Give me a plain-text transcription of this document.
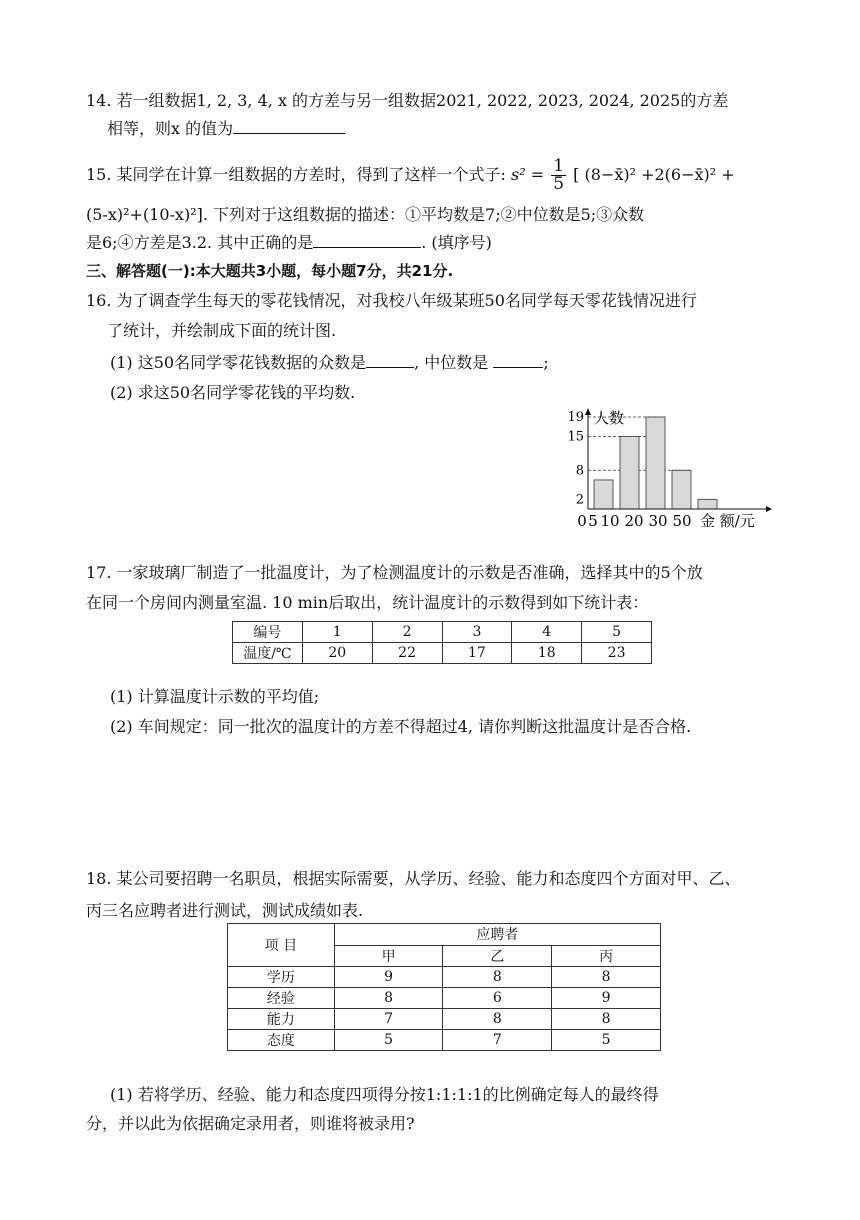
14. 若一组数据1, 2, 3, 4, x 的方差与另一组数据2021, 2022, 2023, 2024, 2025的方差
相等，则x 的值为
15. 某同学在计算一组数据的方差时，得到了这样一个式子: $s^2 = \frac{1}{5}$ [ (8−x̄)² +2(6−x̄)² +
(5-x)²+(10-x)²]. 下列对于这组数据的描述：①平均数是7;②中位数是5;③众数
是6;④方差是3.2. 其中正确的是	. (填序号)
三、解答题(一):本大题共3小题，每小题7分，共21分.
16. 为了调查学生每天的零花钱情况，对我校八年级某班50名同学每天零花钱情况进行
了统计，并绘制成下面的统计图.
(1) 这50名同学零花钱数据的众数是	, 中位数是	;
(2) 求这50名同学零花钱的平均数.
2
8
15
19 人数
0 5 10 20 30 50 金 额/元
17. 一家玻璃厂制造了一批温度计，为了检测温度计的示数是否准确，选择其中的5个放
在同一个房间内测量室温. 10 min后取出，统计温度计的示数得到如下统计表：
编号	1	2	3	4	5
温度/℃	20	22	17	18	23
(1) 计算温度计示数的平均值;
(2) 车间规定：同一批次的温度计的方差不得超过4, 请你判断这批温度计是否合格.
18. 某公司要招聘一名职员，根据实际需要，从学历、经验、能力和态度四个方面对甲、乙、
丙三名应聘者进行测试，测试成绩如表.
项 目	应聘者		
	甲	乙	丙
学历	9	8	8
经验	8	6	9
能力	7	8	8
态度	5	7	5
(1) 若将学历、经验、能力和态度四项得分按1:1:1:1的比例确定每人的最终得
分，并以此为依据确定录用者，则谁将被录用?
